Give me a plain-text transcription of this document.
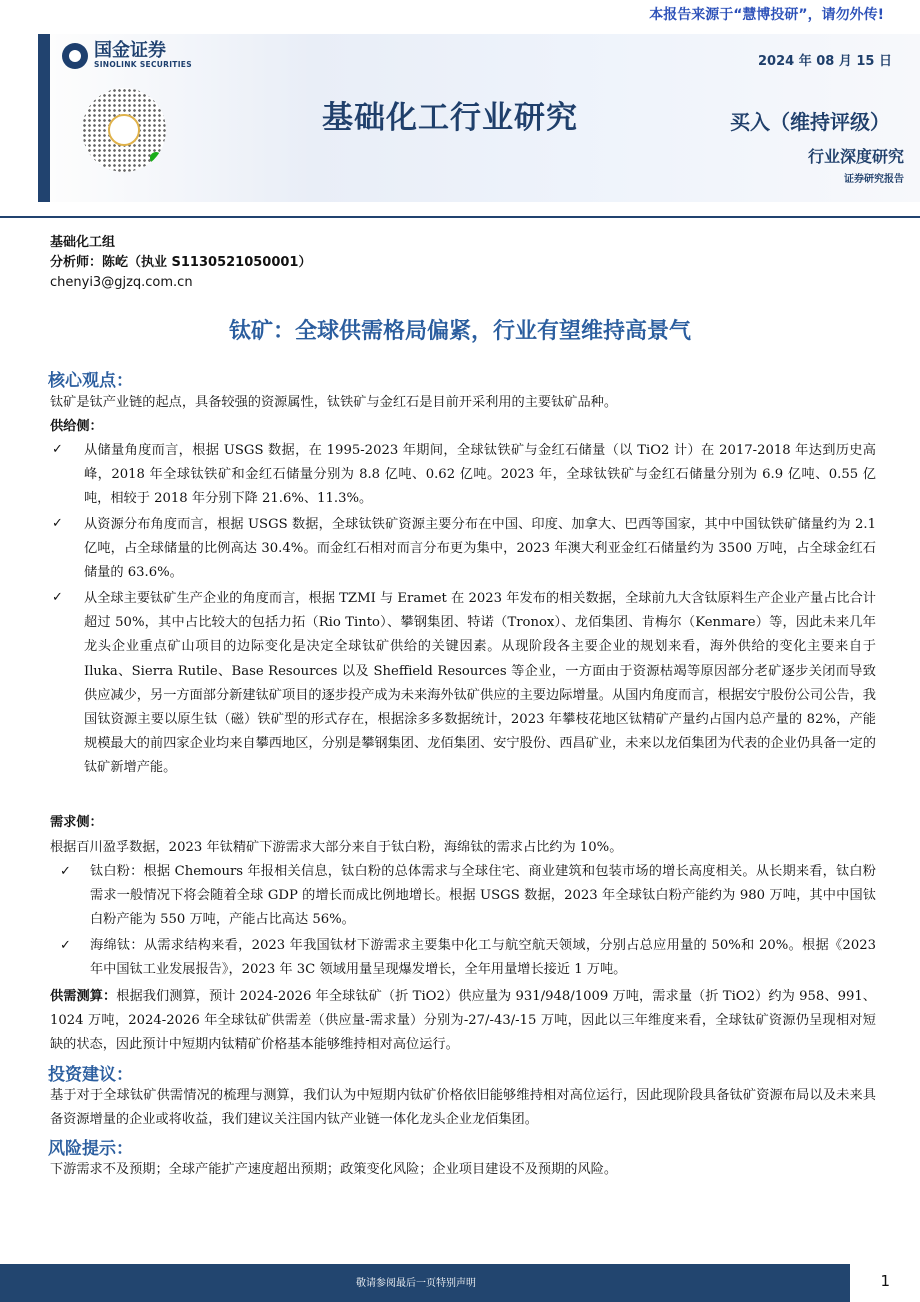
本报告来源于“慧博投研”，请勿外传!
国金证券
SINOLINK SECURITIES
基础化工行业研究
2024 年 08 月 15 日
买入（维持评级）
行业深度研究
证券研究报告
基础化工组
分析师：陈屹（执业 S1130521050001）
chenyi3@gjzq.com.cn
钛矿：全球供需格局偏紧，行业有望维持高景气
核心观点：
钛矿是钛产业链的起点，具备较强的资源属性，钛铁矿与金红石是目前开采利用的主要钛矿品种。
供给侧：
✓ 从储量角度而言，根据 USGS 数据，在 1995-2023 年期间，全球钛铁矿与金红石储量（以 TiO2 计）在 2017-2018 年达到历史高峰，2018 年全球钛铁矿和金红石储量分别为 8.8 亿吨、0.62 亿吨。2023 年，全球钛铁矿与金红石储量分别为 6.9 亿吨、0.55 亿吨，相较于 2018 年分别下降 21.6%、11.3%。
✓ 从资源分布角度而言，根据 USGS 数据，全球钛铁矿资源主要分布在中国、印度、加拿大、巴西等国家，其中中国钛铁矿储量约为 2.1 亿吨，占全球储量的比例高达 30.4%。而金红石相对而言分布更为集中，2023 年澳大利亚金红石储量约为 3500 万吨，占全球金红石储量的 63.6%。
✓ 从全球主要钛矿生产企业的角度而言，根据 TZMI 与 Eramet 在 2023 年发布的相关数据，全球前九大含钛原料生产企业产量占比合计超过 50%，其中占比较大的包括力拓（Rio Tinto）、攀钢集团、特诺（Tronox）、龙佰集团、肯梅尔（Kenmare）等，因此未来几年龙头企业重点矿山项目的边际变化是决定全球钛矿供给的关键因素。从现阶段各主要企业的规划来看，海外供给的变化主要来自于 Iluka、Sierra Rutile、Base Resources 以及 Sheffield Resources 等企业，一方面由于资源枯竭等原因部分老矿逐步关闭而导致供应减少，另一方面部分新建钛矿项目的逐步投产成为未来海外钛矿供应的主要边际增量。从国内角度而言，根据安宁股份公司公告，我国钛资源主要以原生钛（磁）铁矿型的形式存在，根据涂多多数据统计，2023 年攀枝花地区钛精矿产量约占国内总产量的 82%，产能规模最大的前四家企业均来自攀西地区，分别是攀钢集团、龙佰集团、安宁股份、西昌矿业，未来以龙佰集团为代表的企业仍具备一定的钛矿新增产能。
需求侧：
根据百川盈孚数据，2023 年钛精矿下游需求大部分来自于钛白粉，海绵钛的需求占比约为 10%。
✓ 钛白粉：根据 Chemours 年报相关信息，钛白粉的总体需求与全球住宅、商业建筑和包装市场的增长高度相关。从长期来看，钛白粉需求一般情况下将会随着全球 GDP 的增长而成比例地增长。根据 USGS 数据，2023 年全球钛白粉产能约为 980 万吨，其中中国钛白粉产能为 550 万吨，产能占比高达 56%。
✓ 海绵钛：从需求结构来看，2023 年我国钛材下游需求主要集中化工与航空航天领域，分别占总应用量的 50%和 20%。根据《2023 年中国钛工业发展报告》，2023 年 3C 领域用量呈现爆发增长，全年用量增长接近 1 万吨。
供需测算：根据我们测算，预计 2024-2026 年全球钛矿（折 TiO2）供应量为 931/948/1009 万吨，需求量（折 TiO2）约为 958、991、1024 万吨，2024-2026 年全球钛矿供需差（供应量-需求量）分别为-27/-43/-15 万吨，因此以三年维度来看，全球钛矿资源仍呈现相对短缺的状态，因此预计中短期内钛精矿价格基本能够维持相对高位运行。
投资建议：
基于对于全球钛矿供需情况的梳理与测算，我们认为中短期内钛矿价格依旧能够维持相对高位运行，因此现阶段具备钛矿资源布局以及未来具备资源增量的企业或将收益，我们建议关注国内钛产业链一体化龙头企业龙佰集团。
风险提示：
下游需求不及预期；全球产能扩产速度超出预期；政策变化风险；企业项目建设不及预期的风险。
敬请参阅最后一页特别声明	1
